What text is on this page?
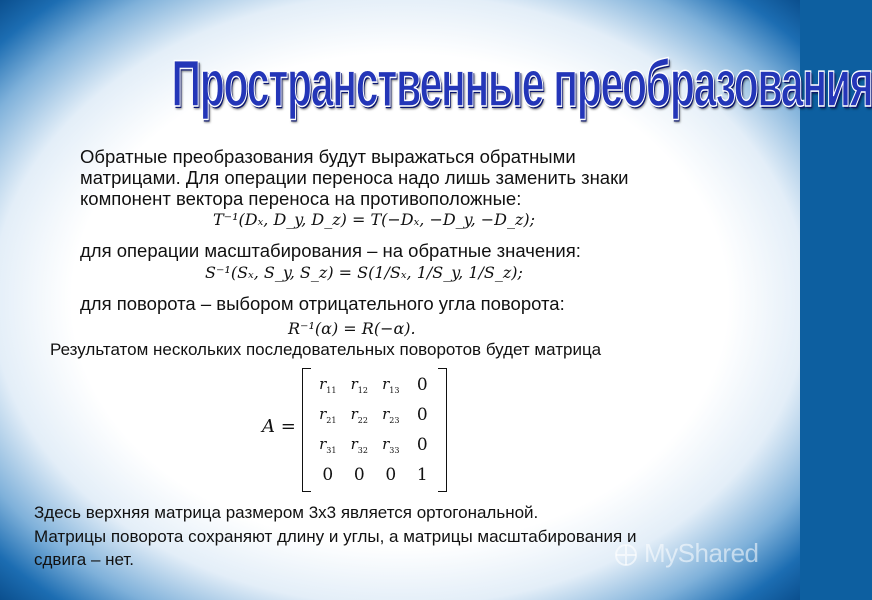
Пространственные преобразования

Обратные преобразования будут выражаться обратными

матрицами. Для операции переноса надо лишь заменить знаки

компонент вектора переноса на противоположные:

T⁻¹(Dₓ, D_y, D_z) = T(−Dₓ, −D_y, −D_z);

для операции масштабирования – на обратные значения:

S⁻¹(Sₓ, S_y, S_z) = S(1/Sₓ, 1/S_y, 1/S_z);

для поворота – выбором отрицательного угла поворота:

R⁻¹(α) = R(−α).

Результатом нескольких последовательных поворотов будет матрица

A =
$r_{11}$ $r_{12}$ $r_{13}$ 0
$r_{21}$ $r_{22}$ $r_{23}$ 0
$r_{31}$ $r_{32}$ $r_{33}$ 0
0 0 0 1

Здесь верхняя матрица размером 3х3 является ортогональной.

Матрицы поворота сохраняют длину и углы, а матрицы масштабирования и

сдвига – нет.	MyShared
